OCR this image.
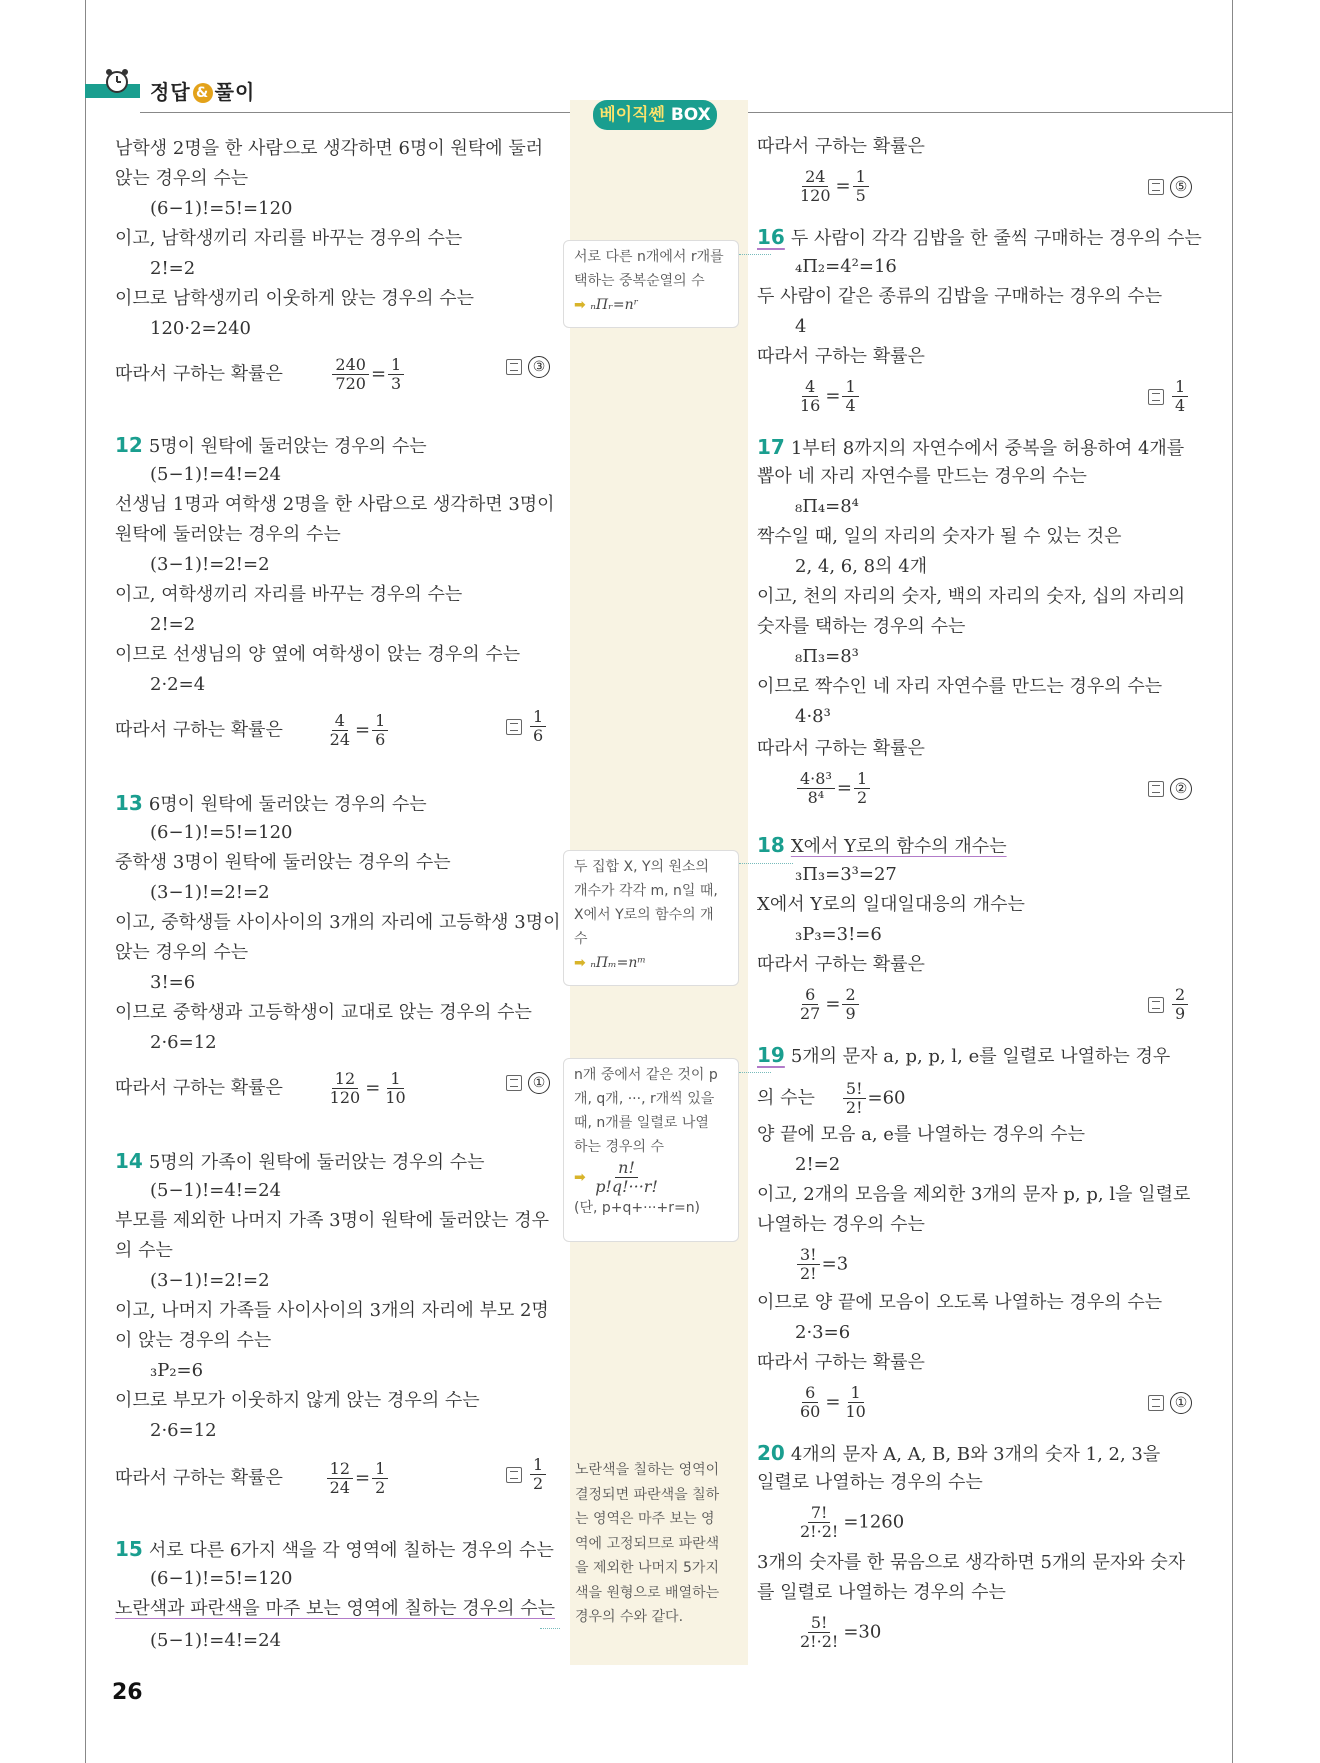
정답 & 풀이
베이직쎈 BOX
남학생 2명을 한 사람으로 생각하면 6명이 원탁에 둘러
앉는 경우의 수는
(6−1)!=5!=120
이고, 남학생끼리 자리를 바꾸는 경우의 수는
2!=2
이므로 남학생끼리 이웃하게 앉는 경우의 수는
120·2=240
따라서 구하는 확률은	$\frac{240}{720} = \frac{1}{3}$	③
12 5명이 원탁에 둘러앉는 경우의 수는
(5−1)!=4!=24
선생님 1명과 여학생 2명을 한 사람으로 생각하면 3명이
원탁에 둘러앉는 경우의 수는
(3−1)!=2!=2
이고, 여학생끼리 자리를 바꾸는 경우의 수는
2!=2
이므로 선생님의 양 옆에 여학생이 앉는 경우의 수는
2·2=4
따라서 구하는 확률은	$\frac{4}{24} = \frac{1}{6}$	$\frac{1}{6}$
13 6명이 원탁에 둘러앉는 경우의 수는
(6−1)!=5!=120
중학생 3명이 원탁에 둘러앉는 경우의 수는
(3−1)!=2!=2
이고, 중학생들 사이사이의 3개의 자리에 고등학생 3명이
앉는 경우의 수는
3!=6
이므로 중학생과 고등학생이 교대로 앉는 경우의 수는
2·6=12
따라서 구하는 확률은	$\frac{12}{120} = \frac{1}{10}$	①
14 5명의 가족이 원탁에 둘러앉는 경우의 수는
(5−1)!=4!=24
부모를 제외한 나머지 가족 3명이 원탁에 둘러앉는 경우
의 수는
(3−1)!=2!=2
이고, 나머지 가족들 사이사이의 3개의 자리에 부모 2명
이 앉는 경우의 수는
₃P₂=6
이므로 부모가 이웃하지 않게 앉는 경우의 수는
2·6=12
따라서 구하는 확률은	$\frac{12}{24} = \frac{1}{2}$	$\frac{1}{2}$
15 서로 다른 6가지 색을 각 영역에 칠하는 경우의 수는
(6−1)!=5!=120
노란색과 파란색을 마주 보는 영역에 칠하는 경우의 수는
(5−1)!=4!=24
26
서로 다른 n개에서 r개를
택하는 중복순열의 수
➡ ₙΠᵣ=nʳ
두 집합 X, Y의 원소의
개수가 각각 m, n일 때,
X에서 Y로의 함수의 개
수
➡ ₙΠₘ=nᵐ
n개 중에서 같은 것이 p
개, q개, ···, r개씩 있을
때, n개를 일렬로 나열
하는 경우의 수
➡ $\frac{n!}{p!q!\cdot\cdot\cdot r!}$
(단, p+q+···+r=n)
노란색을 칠하는 영역이
결정되면 파란색을 칠하
는 영역은 마주 보는 영
역에 고정되므로 파란색
을 제외한 나머지 5가지
색을 원형으로 배열하는
경우의 수와 같다.
따라서 구하는 확률은
$\frac{24}{120} = \frac{1}{5}$	⑤
16 두 사람이 각각 김밥을 한 줄씩 구매하는 경우의 수는
₄Π₂=4²=16
두 사람이 같은 종류의 김밥을 구매하는 경우의 수는
4
따라서 구하는 확률은
$\frac{4}{16} = \frac{1}{4}$	$\frac{1}{4}$
17 1부터 8까지의 자연수에서 중복을 허용하여 4개를
뽑아 네 자리 자연수를 만드는 경우의 수는
₈Π₄=8⁴
짝수일 때, 일의 자리의 숫자가 될 수 있는 것은
2, 4, 6, 8의 4개
이고, 천의 자리의 숫자, 백의 자리의 숫자, 십의 자리의
숫자를 택하는 경우의 수는
₈Π₃=8³
이므로 짝수인 네 자리 자연수를 만드는 경우의 수는
4·8³
따라서 구하는 확률은
$\frac{\text{4·8³}}{\text{8⁴}} = \frac{1}{2}$	②
18 X에서 Y로의 함수의 개수는
₃Π₃=3³=27
X에서 Y로의 일대일대응의 개수는
₃P₃=3!=6
따라서 구하는 확률은
$\frac{6}{27} = \frac{2}{9}$	$\frac{2}{9}$
19 5개의 문자 a, p, p, l, e를 일렬로 나열하는 경우
의 수는 $\frac{5!}{2!} =60$
양 끝에 모음 a, e를 나열하는 경우의 수는
2!=2
이고, 2개의 모음을 제외한 3개의 문자 p, p, l을 일렬로
나열하는 경우의 수는
$\frac{3!}{2!} =3$
이므로 양 끝에 모음이 오도록 나열하는 경우의 수는
2·3=6
따라서 구하는 확률은
$\frac{6}{60} = \frac{1}{10}$	①
20 4개의 문자 A, A, B, B와 3개의 숫자 1, 2, 3을
일렬로 나열하는 경우의 수는
$\frac{7!}{2!\cdot 2!} =1260$
3개의 숫자를 한 묶음으로 생각하면 5개의 문자와 숫자
를 일렬로 나열하는 경우의 수는
$\frac{5!}{2!\cdot 2!} =30$
